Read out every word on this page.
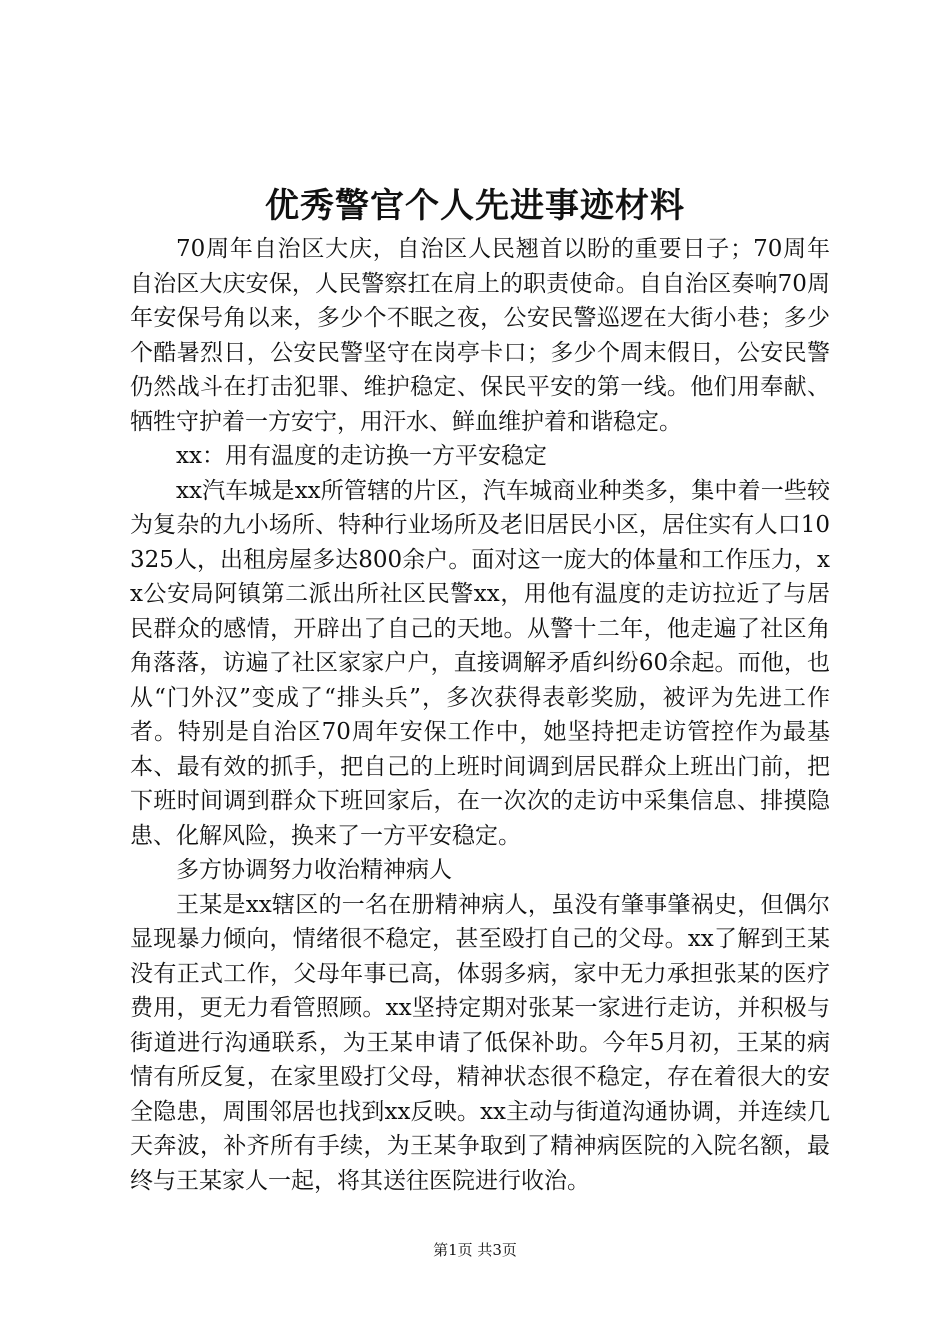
优秀警官个人先进事迹材料

70周年自治区大庆，自治区人民翘首以盼的重要日子；70周年自治区大庆安保，人民警察扛在肩上的职责使命。自自治区奏响70周年安保号角以来，多少个不眠之夜，公安民警巡逻在大街小巷；多少个酷暑烈日，公安民警坚守在岗亭卡口；多少个周末假日，公安民警仍然战斗在打击犯罪、维护稳定、保民平安的第一线。他们用奉献、牺牲守护着一方安宁，用汗水、鲜血维护着和谐稳定。

xx：用有温度的走访换一方平安稳定

xx汽车城是xx所管辖的片区，汽车城商业种类多，集中着一些较为复杂的九小场所、特种行业场所及老旧居民小区，居住实有人口10325人，出租房屋多达800余户。面对这一庞大的体量和工作压力，xx公安局阿镇第二派出所社区民警xx，用他有温度的走访拉近了与居民群众的感情，开辟出了自己的天地。从警十二年，他走遍了社区角角落落，访遍了社区家家户户，直接调解矛盾纠纷60余起。而他，也从“门外汉”变成了“排头兵”，多次获得表彰奖励，被评为先进工作者。特别是自治区70周年安保工作中，她坚持把走访管控作为最基本、最有效的抓手，把自己的上班时间调到居民群众上班出门前，把下班时间调到群众下班回家后，在一次次的走访中采集信息、排摸隐患、化解风险，换来了一方平安稳定。

多方协调努力收治精神病人

王某是xx辖区的一名在册精神病人，虽没有肇事肇祸史，但偶尔显现暴力倾向，情绪很不稳定，甚至殴打自己的父母。xx了解到王某没有正式工作，父母年事已高，体弱多病，家中无力承担张某的医疗费用，更无力看管照顾。xx坚持定期对张某一家进行走访，并积极与街道进行沟通联系，为王某申请了低保补助。今年5月初，王某的病情有所反复，在家里殴打父母，精神状态很不稳定，存在着很大的安全隐患，周围邻居也找到xx反映。xx主动与街道沟通协调，并连续几天奔波，补齐所有手续，为王某争取到了精神病医院的入院名额，最终与王某家人一起，将其送往医院进行收治。

第1页 共3页
